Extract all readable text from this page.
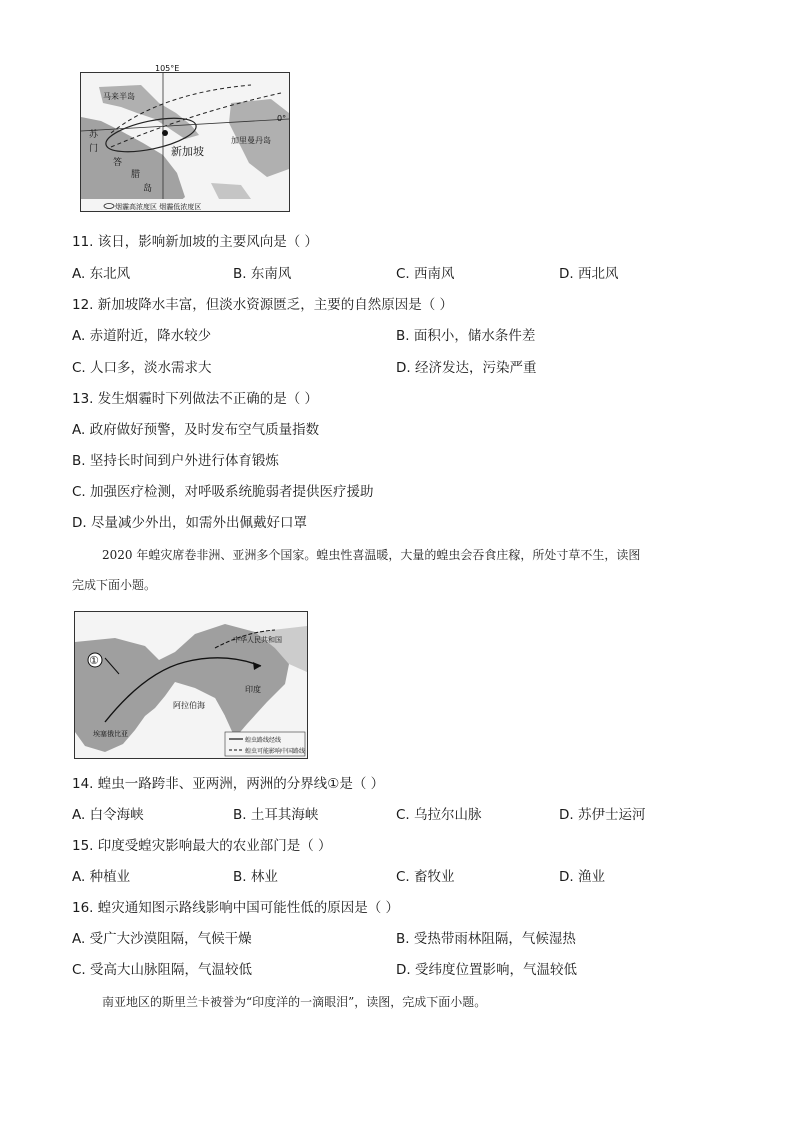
105°E
0°
马来半岛
苏
门
答
腊
岛
新加坡
加里曼丹岛
烟霾高浓度区 烟霾低浓度区
11. 该日，影响新加坡的主要风向是（ ）
A. 东北风	B. 东南风	C. 西南风	D. 西北风
12. 新加坡降水丰富，但淡水资源匮乏，主要的自然原因是（ ）
A. 赤道附近，降水较少	B. 面积小，储水条件差
C. 人口多，淡水需求大	D. 经济发达，污染严重
13. 发生烟霾时下列做法不正确的是（ ）
A. 政府做好预警，及时发布空气质量指数
B. 坚持长时间到户外进行体育锻炼
C. 加强医疗检测，对呼吸系统脆弱者提供医疗援助
D. 尽量减少外出，如需外出佩戴好口罩
2020 年蝗灾席卷非洲、亚洲多个国家。蝗虫性喜温暖，大量的蝗虫会吞食庄稼，所处寸草不生，读图
完成下面小题。
①
中华人民共和国
阿拉伯海
印度
埃塞俄比亚
蝗虫路线经线
蝗虫可能影响中国路线
14. 蝗虫一路跨非、亚两洲，两洲的分界线①是（ ）
A. 白令海峡	B. 土耳其海峡	C. 乌拉尔山脉	D. 苏伊士运河
15. 印度受蝗灾影响最大的农业部门是（ ）
A. 种植业	B. 林业	C. 畜牧业	D. 渔业
16. 蝗灾通知图示路线影响中国可能性低的原因是（ ）
A. 受广大沙漠阻隔，气候干燥	B. 受热带雨林阻隔，气候湿热
C. 受高大山脉阻隔，气温较低	D. 受纬度位置影响，气温较低
南亚地区的斯里兰卡被誉为“印度洋的一滴眼泪”，读图，完成下面小题。
